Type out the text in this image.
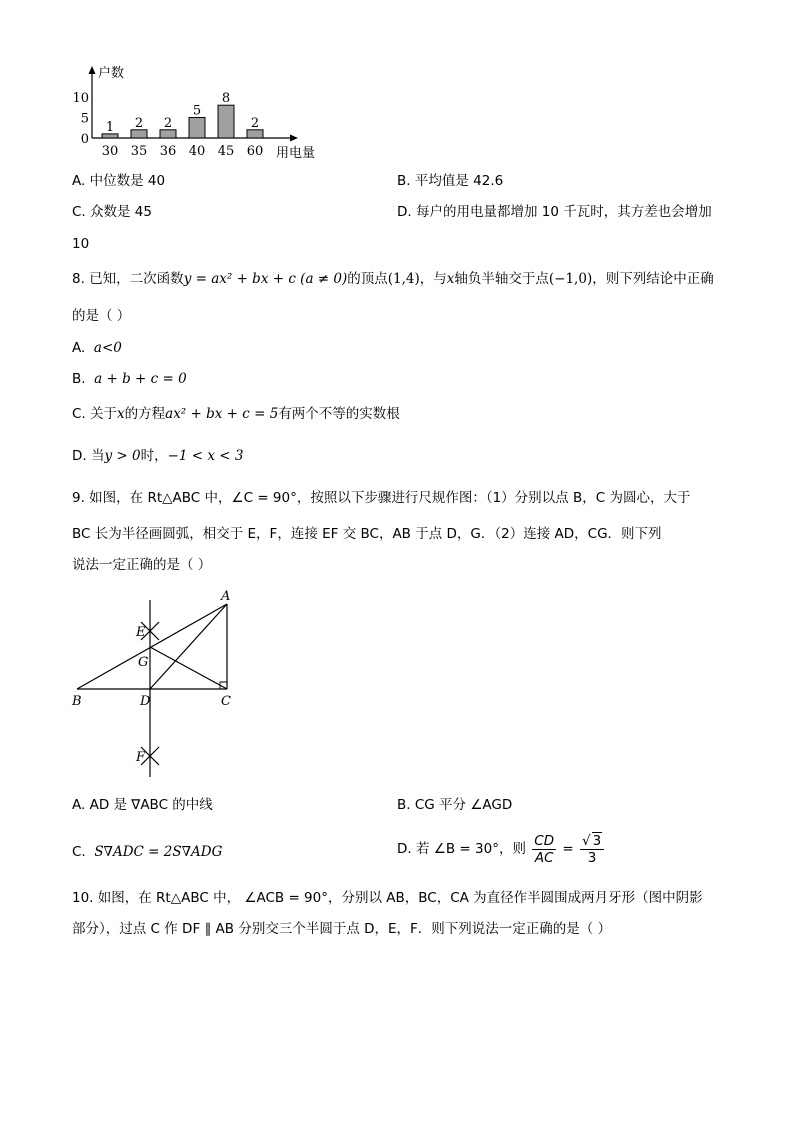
户数
用电量
10
5
0
1
30
2
35
2
36
5
40
8
45
2
60
A. 中位数是 40	B. 平均值是 42.6
C. 众数是 45	D. 每户的用电量都增加 10 千瓦时，其方差也会增加
10
8. 已知，二次函数y = ax² + bx + c (a ≠ 0)的顶点(1,4)，与x轴负半轴交于点(−1,0)，则下列结论中正确
的是（ ）
A. a<0
B. a + b + c = 0
C. 关于x的方程ax² + bx + c = 5有两个不等的实数根
D. 当y > 0时，−1 < x < 3
9. 如图，在 Rt△ABC 中，∠C = 90°，按照以下步骤进行尺规作图：（1）分别以点 B，C 为圆心，大于
BC 长为半径画圆弧，相交于 E，F，连接 EF 交 BC，AB 于点 D，G．（2）连接 AD，CG．则下列
说法一定正确的是（ ）
A
B	C
D
E
F
G
A. AD 是 ∇ABC 的中线	B. CG 平分 ∠AGD
C. S∇ADC = 2S∇ADG	D. 若 ∠B = 30°，则 $\frac{CD}{AC} = \frac{√ 3}{3}$
10. 如图，在 Rt△ABC 中， ∠ACB = 90°，分别以 AB，BC，CA 为直径作半圆围成两月牙形（图中阴影
部分），过点 C 作 DF ∥ AB 分别交三个半圆于点 D，E，F．则下列说法一定正确的是（ ）
